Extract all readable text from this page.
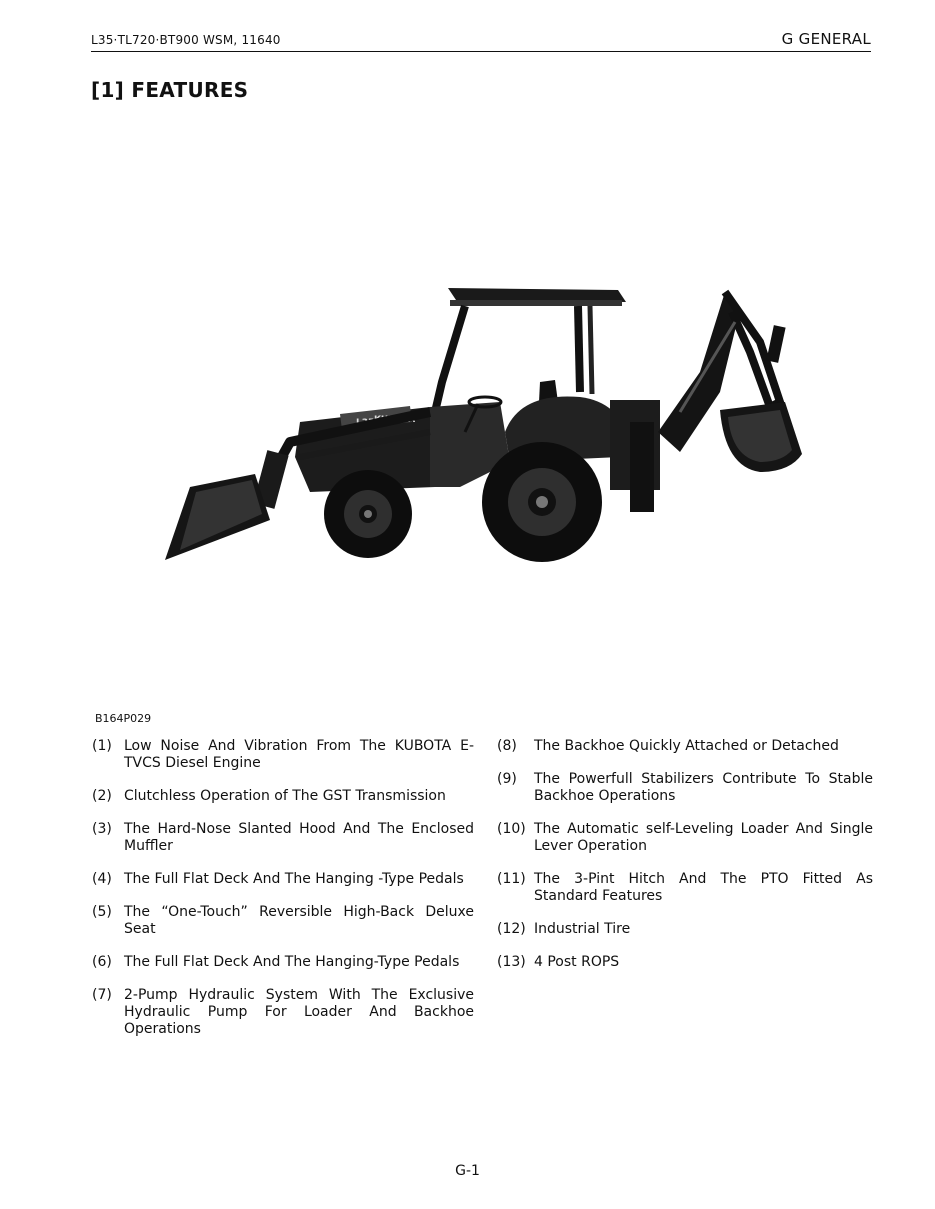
L35·TL720·BT900 WSM, 11640	G GENERAL
[1] FEATURES
L35 KUBOTA
B164P029
(1) Low Noise And Vibration From The KUBOTA E-TVCS Diesel Engine
(2) Clutchless Operation of The GST Transmission
(3) The Hard-Nose Slanted Hood And The Enclosed Muffler
(4) The Full Flat Deck And The Hanging -Type Pedals
(5) The “One-Touch” Reversible High-Back Deluxe Seat
(6) The Full Flat Deck And The Hanging-Type Pedals
(7) 2-Pump Hydraulic System With The Exclusive Hydraulic Pump For Loader And Backhoe Operations
(8)	The Backhoe Quickly Attached or Detached
(9)	The Powerfull Stabilizers Contribute To Stable Backhoe Operations
(10) The Automatic self-Leveling Loader And Single Lever Operation
(11) The 3-Pint Hitch And The PTO Fitted As Standard Features
(12) Industrial Tire
(13) 4 Post ROPS
G-1
